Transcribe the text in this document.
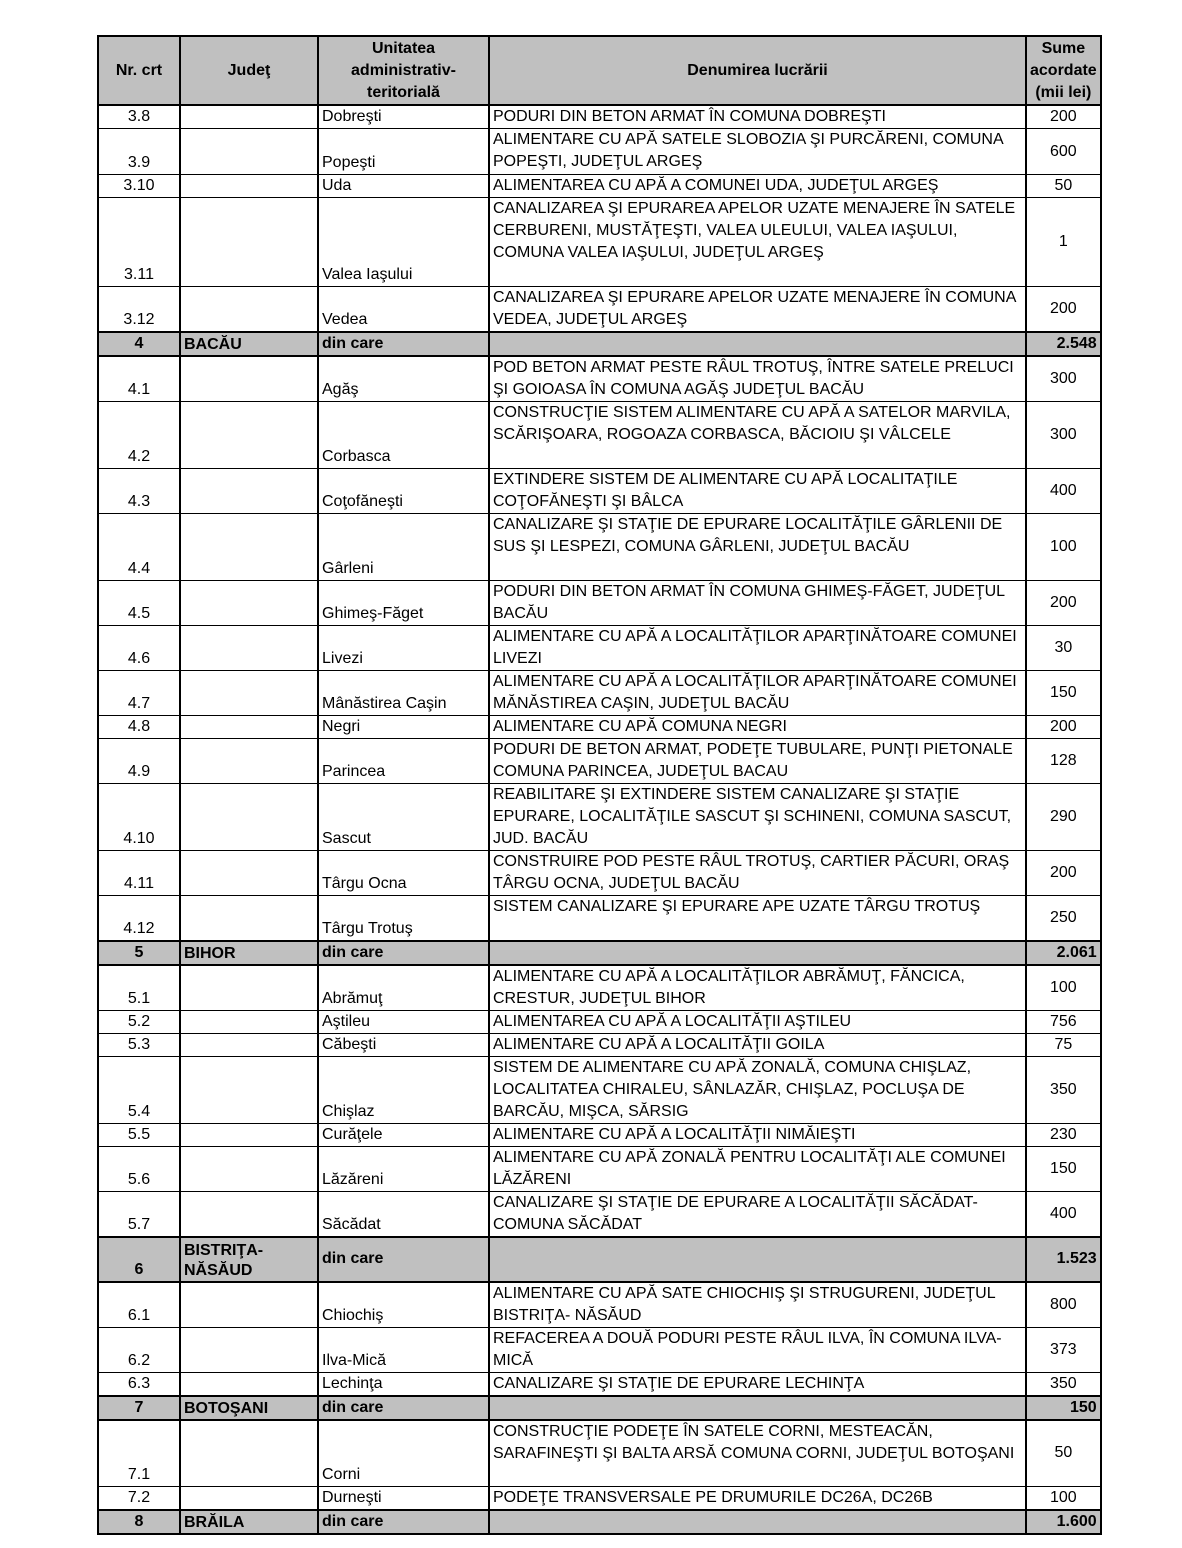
Nr. crt	Judeţ	Unitatea administrativ-teritorială	Denumirea lucrării	Sume acordate (mii lei)
3.8		Dobreşti	PODURI DIN BETON ARMAT ÎN COMUNA DOBREŞTI	200
3.9		Popeşti	ALIMENTARE CU APĂ SATELE SLOBOZIA ŞI PURCĂRENI, COMUNA POPEŞTI, JUDEŢUL ARGEŞ	600
3.10		Uda	ALIMENTAREA CU APĂ A COMUNEI UDA, JUDEŢUL ARGEŞ	50
3.11		Valea Iaşului	CANALIZAREA ŞI EPURAREA APELOR UZATE MENAJERE ÎN SATELE CERBURENI, MUSTĂŢEŞTI, VALEA ULEULUI, VALEA IAŞULUI, COMUNA VALEA IAŞULUI, JUDEŢUL ARGEŞ	1
3.12		Vedea	CANALIZAREA ŞI EPURARE APELOR UZATE MENAJERE ÎN COMUNA VEDEA, JUDEŢUL ARGEŞ	200
4	BACĂU	din care		2.548
4.1		Agăş	POD BETON ARMAT PESTE RÂUL TROTUŞ, ÎNTRE SATELE PRELUCI ŞI GOIOASA ÎN COMUNA AGĂŞ JUDEŢUL BACĂU	300
4.2		Corbasca	CONSTRUCŢIE SISTEM ALIMENTARE CU APĂ A SATELOR MARVILA, SCĂRIŞOARA, ROGOAZA CORBASCA, BĂCIOIU ŞI VÂLCELE	300
4.3		Coţofăneşti	EXTINDERE SISTEM DE ALIMENTARE CU APĂ LOCALITAŢILE COŢOFĂNEŞTI ŞI BÂLCA	400
4.4		Gârleni	CANALIZARE ŞI STAŢIE DE EPURARE LOCALITĂŢILE GÂRLENII DE SUS ŞI LESPEZI, COMUNA GÂRLENI, JUDEŢUL BACĂU	100
4.5		Ghimeş-Făget	PODURI DIN BETON ARMAT ÎN COMUNA GHIMEŞ-FĂGET, JUDEŢUL BACĂU	200
4.6		Livezi	ALIMENTARE CU APĂ A LOCALITĂŢILOR APARŢINĂTOARE COMUNEI LIVEZI	30
4.7		Mânăstirea Caşin	ALIMENTARE CU APĂ A LOCALITĂŢILOR APARŢINĂTOARE COMUNEI MĂNĂSTIREA CAŞIN, JUDEŢUL BACĂU	150
4.8		Negri	ALIMENTARE CU APĂ COMUNA NEGRI	200
4.9		Parincea	PODURI DE BETON ARMAT, PODEŢE TUBULARE, PUNŢI PIETONALE COMUNA PARINCEA, JUDEŢUL BACAU	128
4.10		Sascut	REABILITARE ŞI EXTINDERE SISTEM CANALIZARE ŞI STAŢIE EPURARE, LOCALITĂŢILE SASCUT ŞI SCHINENI, COMUNA SASCUT, JUD. BACĂU	290
4.11		Târgu Ocna	CONSTRUIRE POD PESTE RÂUL TROTUŞ, CARTIER PĂCURI, ORAŞ TÂRGU OCNA, JUDEŢUL BACĂU	200
4.12		Târgu Trotuş	SISTEM CANALIZARE ŞI EPURARE APE UZATE TÂRGU TROTUŞ	250
5	BIHOR	din care		2.061
5.1		Abrămuţ	ALIMENTARE CU APĂ A LOCALITĂŢILOR ABRĂMUŢ, FĂNCICA, CRESTUR, JUDEŢUL BIHOR	100
5.2		Aştileu	ALIMENTAREA CU APĂ A LOCALITĂŢII AŞTILEU	756
5.3		Căbeşti	ALIMENTARE CU APĂ A LOCALITĂŢII GOILA	75
5.4		Chişlaz	SISTEM DE ALIMENTARE CU APĂ ZONALĂ, COMUNA CHIŞLAZ, LOCALITATEA CHIRALEU, SÂNLAZĂR, CHIŞLAZ, POCLUŞA DE BARCĂU, MIŞCA, SĂRSIG	350
5.5		Curăţele	ALIMENTARE CU APĂ A LOCALITĂŢII NIMĂIEŞTI	230
5.6		Lăzăreni	ALIMENTARE CU APĂ ZONALĂ PENTRU LOCALITĂŢI ALE COMUNEI LĂZĂRENI	150
5.7		Săcădat	CANALIZARE ŞI STAŢIE DE EPURARE A LOCALITĂŢII SĂCĂDAT- COMUNA SĂCĂDAT	400
6	BISTRIŢA-NĂSĂUD	din care		1.523
6.1		Chiochiş	ALIMENTARE CU APĂ SATE CHIOCHIŞ ŞI STRUGURENI, JUDEŢUL BISTRIŢA- NĂSĂUD	800
6.2		Ilva-Mică	REFACEREA A DOUĂ PODURI PESTE RÂUL ILVA, ÎN COMUNA ILVA-MICĂ	373
6.3		Lechinţa	CANALIZARE ŞI STAŢIE DE EPURARE LECHINŢA	350
7	BOTOŞANI	din care		150
7.1		Corni	CONSTRUCŢIE PODEŢE ÎN SATELE CORNI, MESTEACĂN, SARAFINEŞTI ŞI BALTA ARSĂ COMUNA CORNI, JUDEŢUL BOTOŞANI	50
7.2		Durneşti	PODEŢE TRANSVERSALE PE DRUMURILE DC26A, DC26B	100
8	BRĂILA	din care		1.600
